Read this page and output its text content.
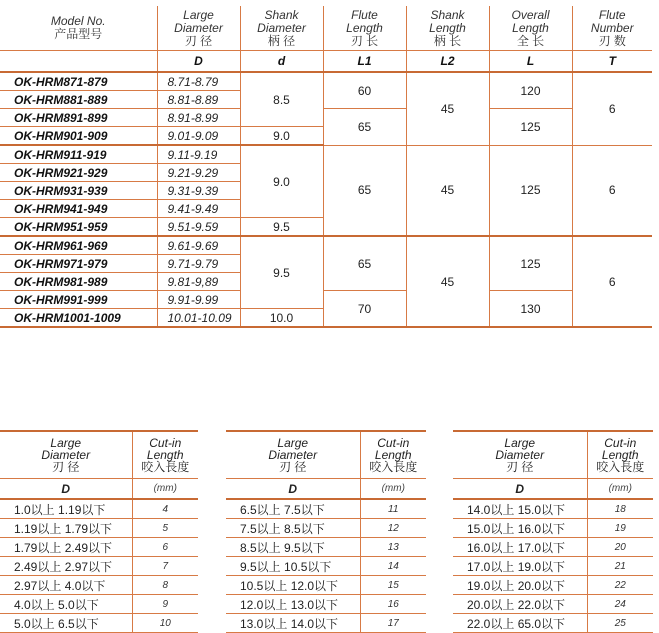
Model No.
产品型号	Large
Diameter
刃 径	Shank
Diameter
柄 径	Flute
Length
刃 长	Shank
Length
柄 长	Overall
Length
全 长	Flute
Number
刃 数

	D	d	L1	L2	L	T
OK-HRM871-879	8.71-8.79	8.5	60	45	120	6
OK-HRM881-889	8.81-8.89					
OK-HRM891-899	8.91-8.99		65		125	
OK-HRM901-909	9.01-9.09	9.0				
OK-HRM911-919	9.11-9.19	9.0	65	45	125	6
OK-HRM921-929	9.21-9.29					
OK-HRM931-939	9.31-9.39					
OK-HRM941-949	9.41-9.49					
OK-HRM951-959	9.51-9.59	9.5				
OK-HRM961-969	9.61-9.69	9.5	65	45	125	6
OK-HRM971-979	9.71-9.79					
OK-HRM981-989	9.81-9,89					
OK-HRM991-999	9.91-9.99		70		130	
OK-HRM1001-1009	10.01-10.09	10.0				
Large
Diameter
刃 径	Cut-in
Length
咬入長度

D	(mm)
1.0以上 1.19以下	4
1.19以上 1.79以下	5
1.79以上 2.49以下	6
2.49以上 2.97以下	7
2.97以上 4.0以下	8
4.0以上 5.0以下	9
5.0以上 6.5以下	10
Large
Diameter
刃 径	Cut-in
Length
咬入長度

D	(mm)
6.5以上 7.5以下	11
7.5以上 8.5以下	12
8.5以上 9.5以下	13
9.5以上 10.5以下	14
10.5以上 12.0以下	15
12.0以上 13.0以下	16
13.0以上 14.0以下	17
Large
Diameter
刃 径	Cut-in
Length
咬入長度

D	(mm)
14.0以上 15.0以下	18
15.0以上 16.0以下	19
16.0以上 17.0以下	20
17.0以上 19.0以下	21
19.0以上 20.0以下	22
20.0以上 22.0以下	24
22.0以上 65.0以下	25
